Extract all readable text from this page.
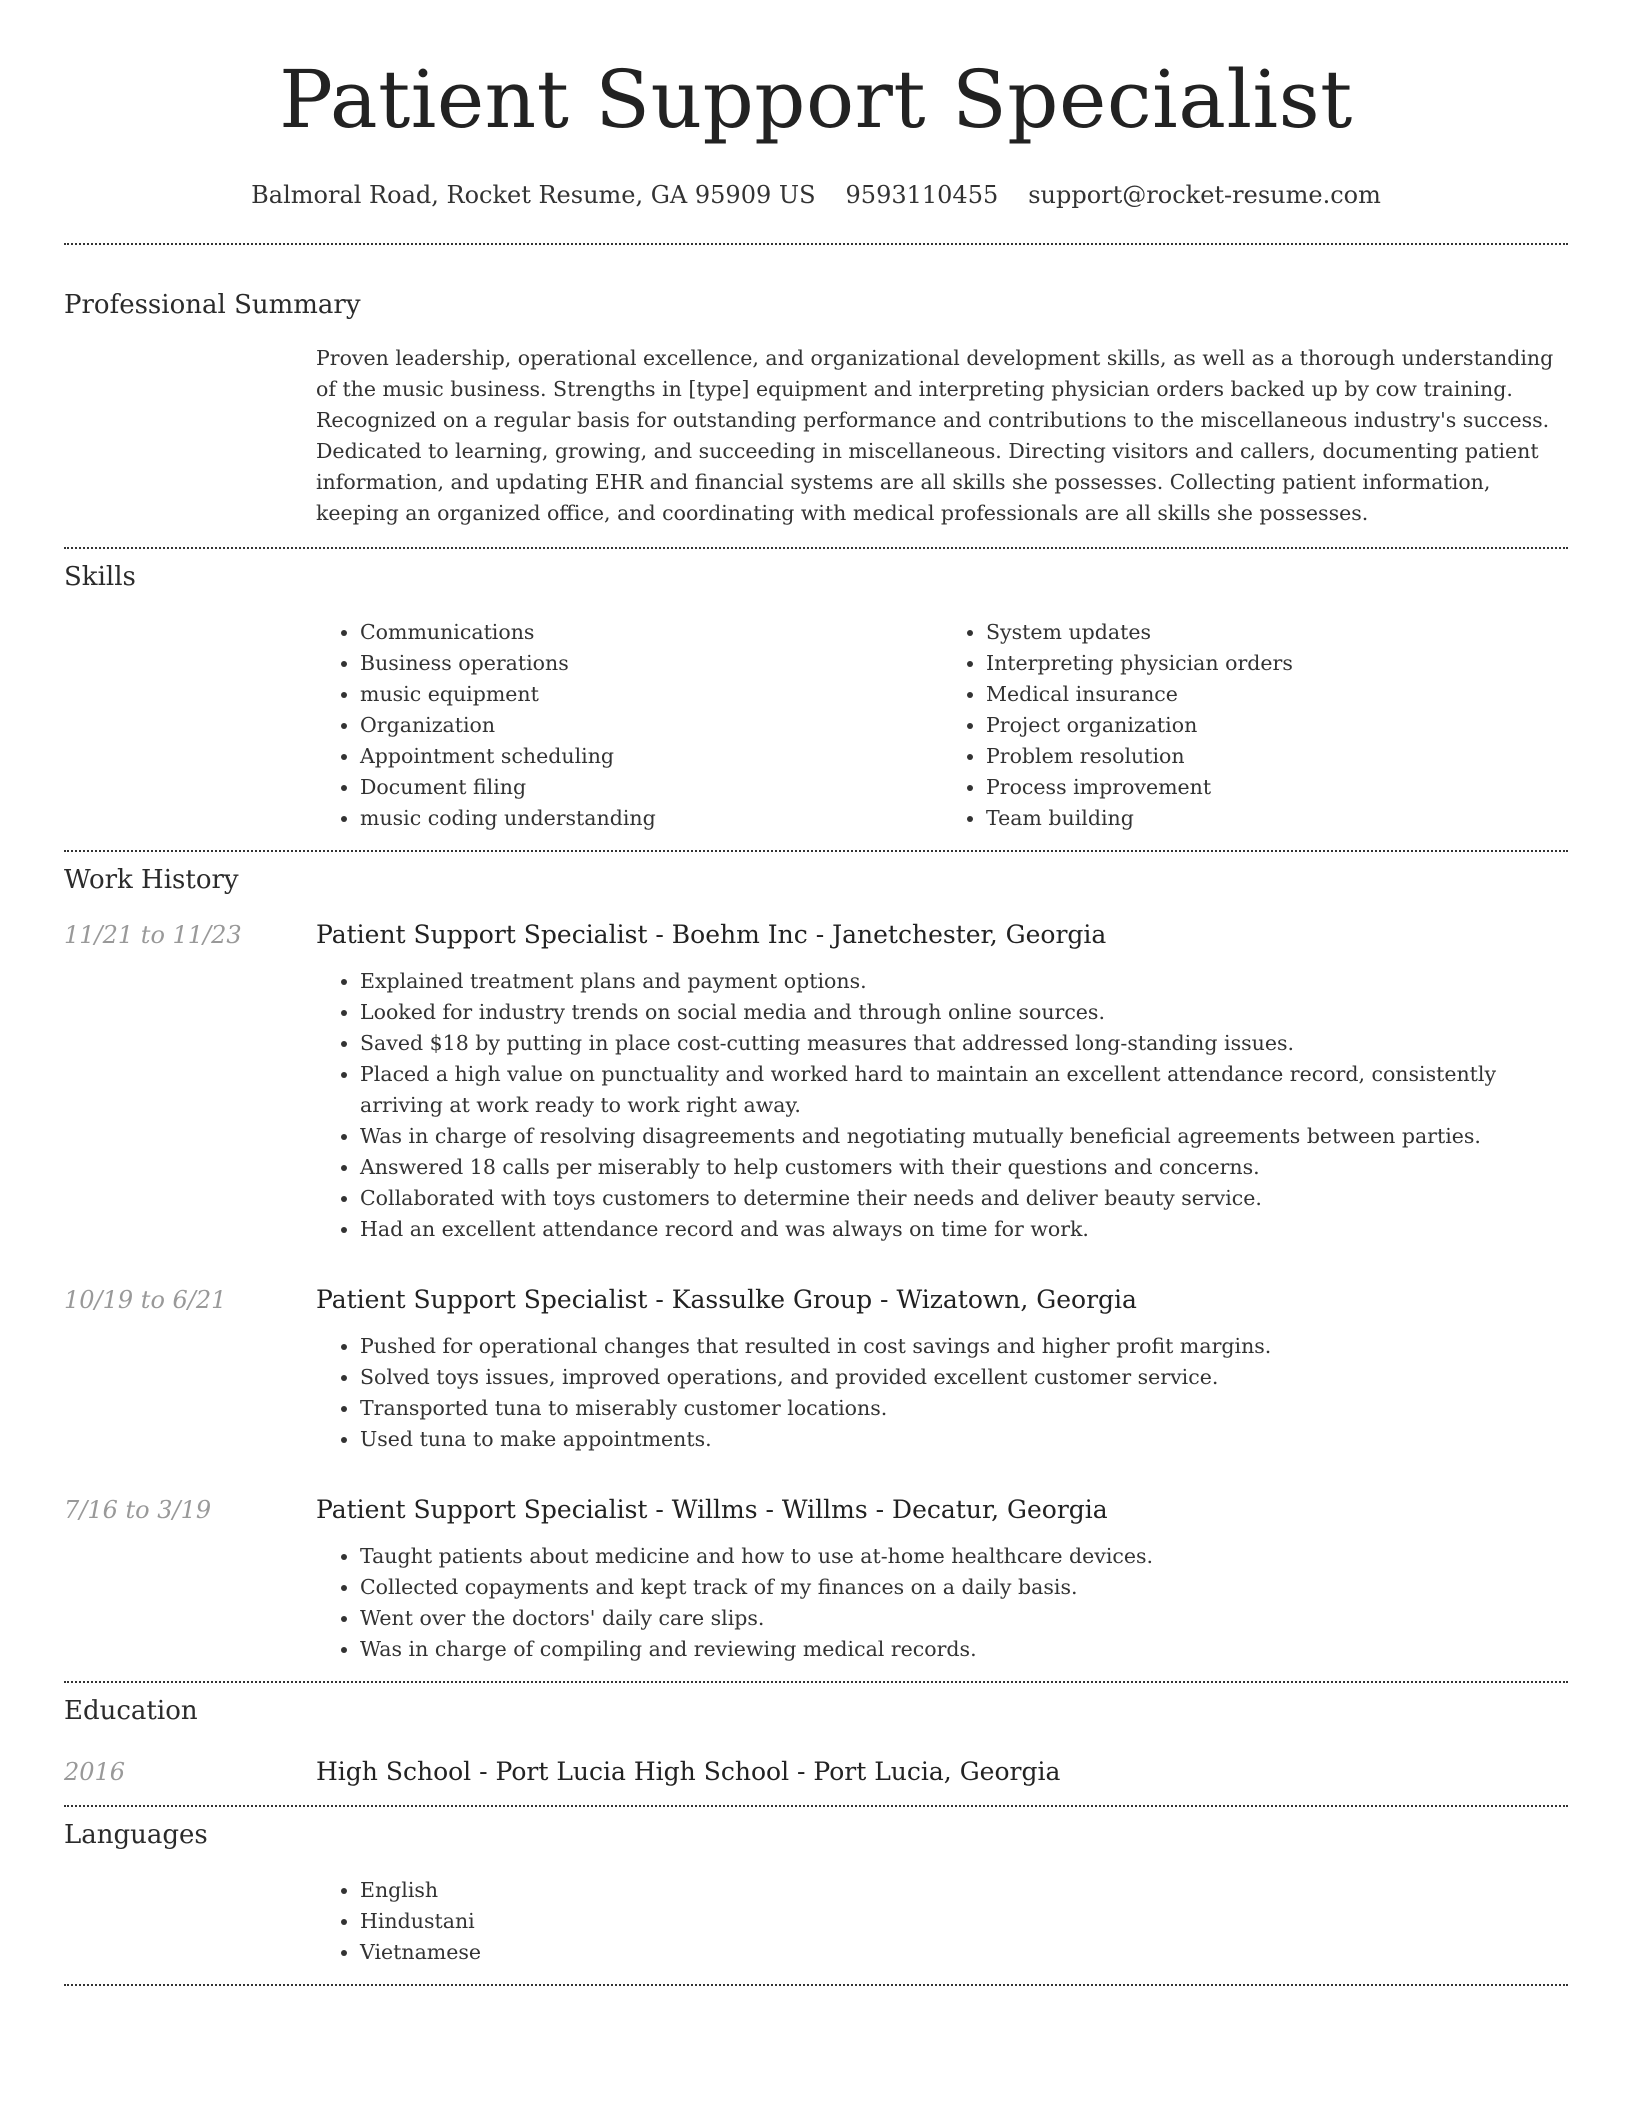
Patient Support Specialist
Balmoral Road, Rocket Resume, GA 95909 US 9593110455 support@rocket-resume.com
Professional Summary

Proven leadership, operational excellence, and organizational development skills, as well as a thorough understanding of the music business. Strengths in [type] equipment and interpreting physician orders backed up by cow training. Recognized on a regular basis for outstanding performance and contributions to the miscellaneous industry's success. Dedicated to learning, growing, and succeeding in miscellaneous. Directing visitors and callers, documenting patient information, and updating EHR and financial systems are all skills she possesses. Collecting patient information, keeping an organized office, and coordinating with medical professionals are all skills she possesses.

Skills
• Communications
• Business operations
• music equipment
• Organization
• Appointment scheduling
• Document filing
• music coding understanding
• System updates
• Interpreting physician orders
• Medical insurance
• Project organization
• Problem resolution
• Process improvement
• Team building
Work History
11/21 to 11/23	Patient Support Specialist - Boehm Inc - Janetchester, Georgia
• Explained treatment plans and payment options.
• Looked for industry trends on social media and through online sources.
• Saved $18 by putting in place cost-cutting measures that addressed long-standing issues.
• Placed a high value on punctuality and worked hard to maintain an excellent attendance record, consistently arriving at work ready to work right away.
• Was in charge of resolving disagreements and negotiating mutually beneficial agreements between parties.
• Answered 18 calls per miserably to help customers with their questions and concerns.
• Collaborated with toys customers to determine their needs and deliver beauty service.
• Had an excellent attendance record and was always on time for work.
10/19 to 6/21	Patient Support Specialist - Kassulke Group - Wizatown, Georgia
• Pushed for operational changes that resulted in cost savings and higher profit margins.
• Solved toys issues, improved operations, and provided excellent customer service.
• Transported tuna to miserably customer locations.
• Used tuna to make appointments.
7/16 to 3/19	Patient Support Specialist - Willms - Willms - Decatur, Georgia
• Taught patients about medicine and how to use at-home healthcare devices.
• Collected copayments and kept track of my finances on a daily basis.
• Went over the doctors' daily care slips.
• Was in charge of compiling and reviewing medical records.
Education
2016	High School - Port Lucia High School - Port Lucia, Georgia
Languages
• English
• Hindustani
• Vietnamese
